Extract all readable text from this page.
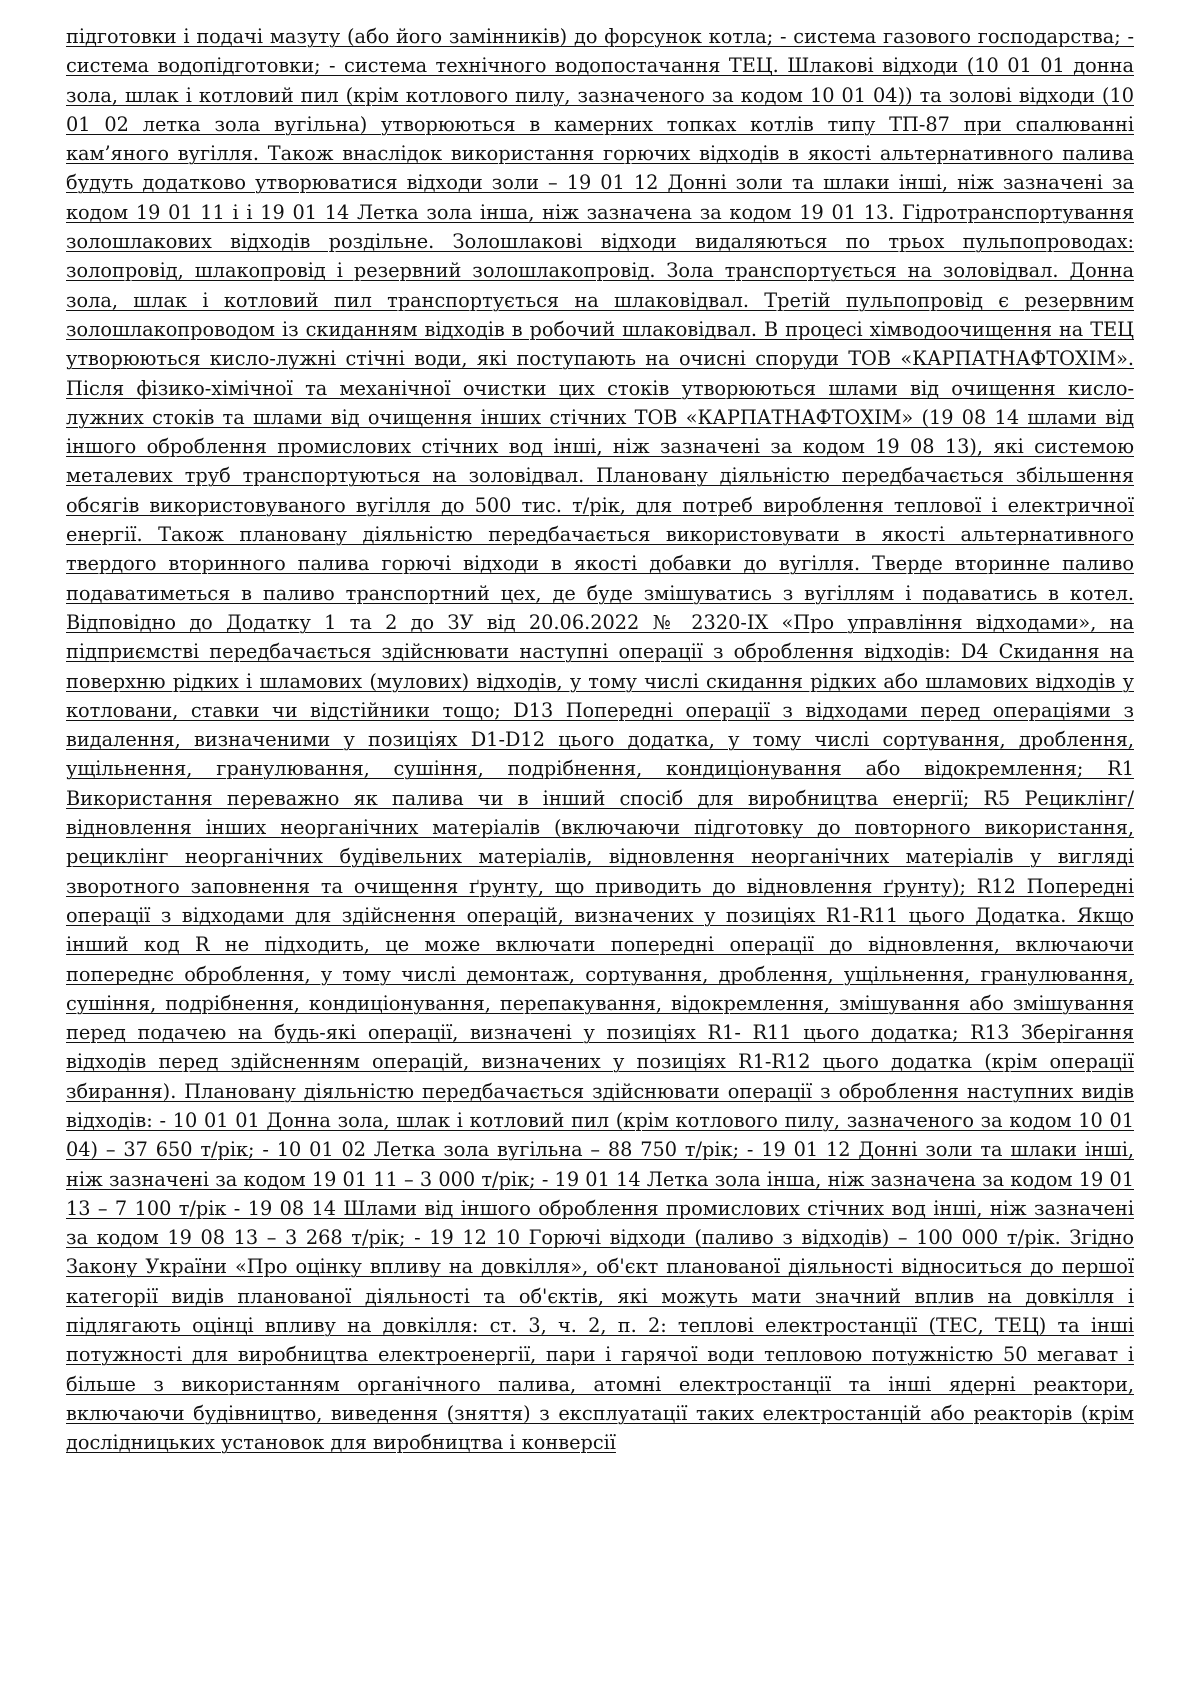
підготовки і подачі мазуту (або його замінників) до форсунок котла; - система газового господарства; - система водопідготовки; - система технічного водопостачання ТЕЦ. Шлакові відходи (10 01 01 донна зола, шлак і котловий пил (крім котлового пилу, зазначеного за кодом 10 01 04)) та золові відходи (10 01 02 летка зола вугільна) утворюються в камерних топках котлів типу ТП-87 при спалюванні кам’яного вугілля. Також внаслідок використання горючих відходів в якості альтернативного палива будуть додатково утворюватися відходи золи – 19 01 12 Донні золи та шлаки інші, ніж зазначені за кодом 19 01 11 і і 19 01 14 Летка зола інша, ніж зазначена за кодом 19 01 13. Гідротранспортування золошлакових відходів роздільне. Золошлакові відходи видаляються по трьох пульпопроводах: золопровід, шлакопровід і резервний золошлакопровід. Зола транспортується на золовідвал. Донна зола, шлак і котловий пил транспортується на шлаковідвал. Третій пульпопровід є резервним золошлакопроводом із скиданням відходів в робочий шлаковідвал. В процесі хімводоочищення на ТЕЦ утворюються кисло-лужні стічні води, які поступають на очисні споруди ТОВ «КАРПАТНАФТОХІМ». Після фізико-хімічної та механічної очистки цих стоків утворюються шлами від очищення кисло-лужних стоків та шлами від очищення інших стічних ТОВ «КАРПАТНАФТОХІМ» (19 08 14 шлами від іншого оброблення промислових стічних вод інші, ніж зазначені за кодом 19 08 13), які системою металевих труб транспортуються на золовідвал. Плановану діяльністю передбачається збільшення обсягів використовуваного вугілля до 500 тис. т/рік, для потреб вироблення теплової і електричної енергії. Також плановану діяльністю передбачається використовувати в якості альтернативного твердого вторинного палива горючі відходи в якості добавки до вугілля. Тверде вторинне паливо подаватиметься в паливо транспортний цех, де буде змішуватись з вугіллям і подаватись в котел. Відповідно до Додатку 1 та 2 до ЗУ від 20.06.2022 № 2320-IX «Про управління відходами», на підприємстві передбачається здійснювати наступні операції з оброблення відходів: D4 Скидання на поверхню рідких і шламових (мулових) відходів, у тому числі скидання рідких або шламових відходів у котловани, ставки чи відстійники тощо; D13 Попередні операції з відходами перед операціями з видалення, визначеними у позиціях D1-D12 цього додатка, у тому числі сортування, дроблення, ущільнення, гранулювання, сушіння, подрібнення, кондиціонування або відокремлення; R1 Використання переважно як палива чи в інший спосіб для виробництва енергії; R5 Рециклінг/відновлення інших неорганічних матеріалів (включаючи підготовку до повторного використання, рециклінг неорганічних будівельних матеріалів, відновлення неорганічних матеріалів у вигляді зворотного заповнення та очищення ґрунту, що приводить до відновлення ґрунту); R12 Попередні операції з відходами для здійснення операцій, визначених у позиціях R1-R11 цього Додатка. Якщо інший код R не підходить, це може включати попередні операції до відновлення, включаючи попереднє оброблення, у тому числі демонтаж, сортування, дроблення, ущільнення, гранулювання, сушіння, подрібнення, кондиціонування, перепакування, відокремлення, змішування або змішування перед подачею на будь-які операції, визначені у позиціях R1- R11 цього додатка; R13 Зберігання відходів перед здійсненням операцій, визначених у позиціях R1-R12 цього додатка (крім операції збирання). Плановану діяльністю передбачається здійснювати операції з оброблення наступних видів відходів: - 10 01 01 Донна зола, шлак і котловий пил (крім котлового пилу, зазначеного за кодом 10 01 04) – 37 650 т/рік; - 10 01 02 Летка зола вугільна – 88 750 т/рік; - 19 01 12 Донні золи та шлаки інші, ніж зазначені за кодом 19 01 11 – 3 000 т/рік; - 19 01 14 Летка зола інша, ніж зазначена за кодом 19 01 13 – 7 100 т/рік - 19 08 14 Шлами від іншого оброблення промислових стічних вод інші, ніж зазначені за кодом 19 08 13 – 3 268 т/рік; - 19 12 10 Горючі відходи (паливо з відходів) – 100 000 т/рік. Згідно Закону України «Про оцінку впливу на довкілля», об'єкт планованої діяльності відноситься до першої категорії видів планованої діяльності та об'єктів, які можуть мати значний вплив на довкілля і підлягають оцінці впливу на довкілля: ст. 3, ч. 2, п. 2: теплові електростанції (ТЕС, ТЕЦ) та інші потужності для виробництва електроенергії, пари і гарячої води тепловою потужністю 50 мегават і більше з використанням органічного палива, атомні електростанції та інші ядерні реактори, включаючи будівництво, виведення (зняття) з експлуатації таких електростанцій або реакторів (крім дослідницьких установок для виробництва і конверсії
